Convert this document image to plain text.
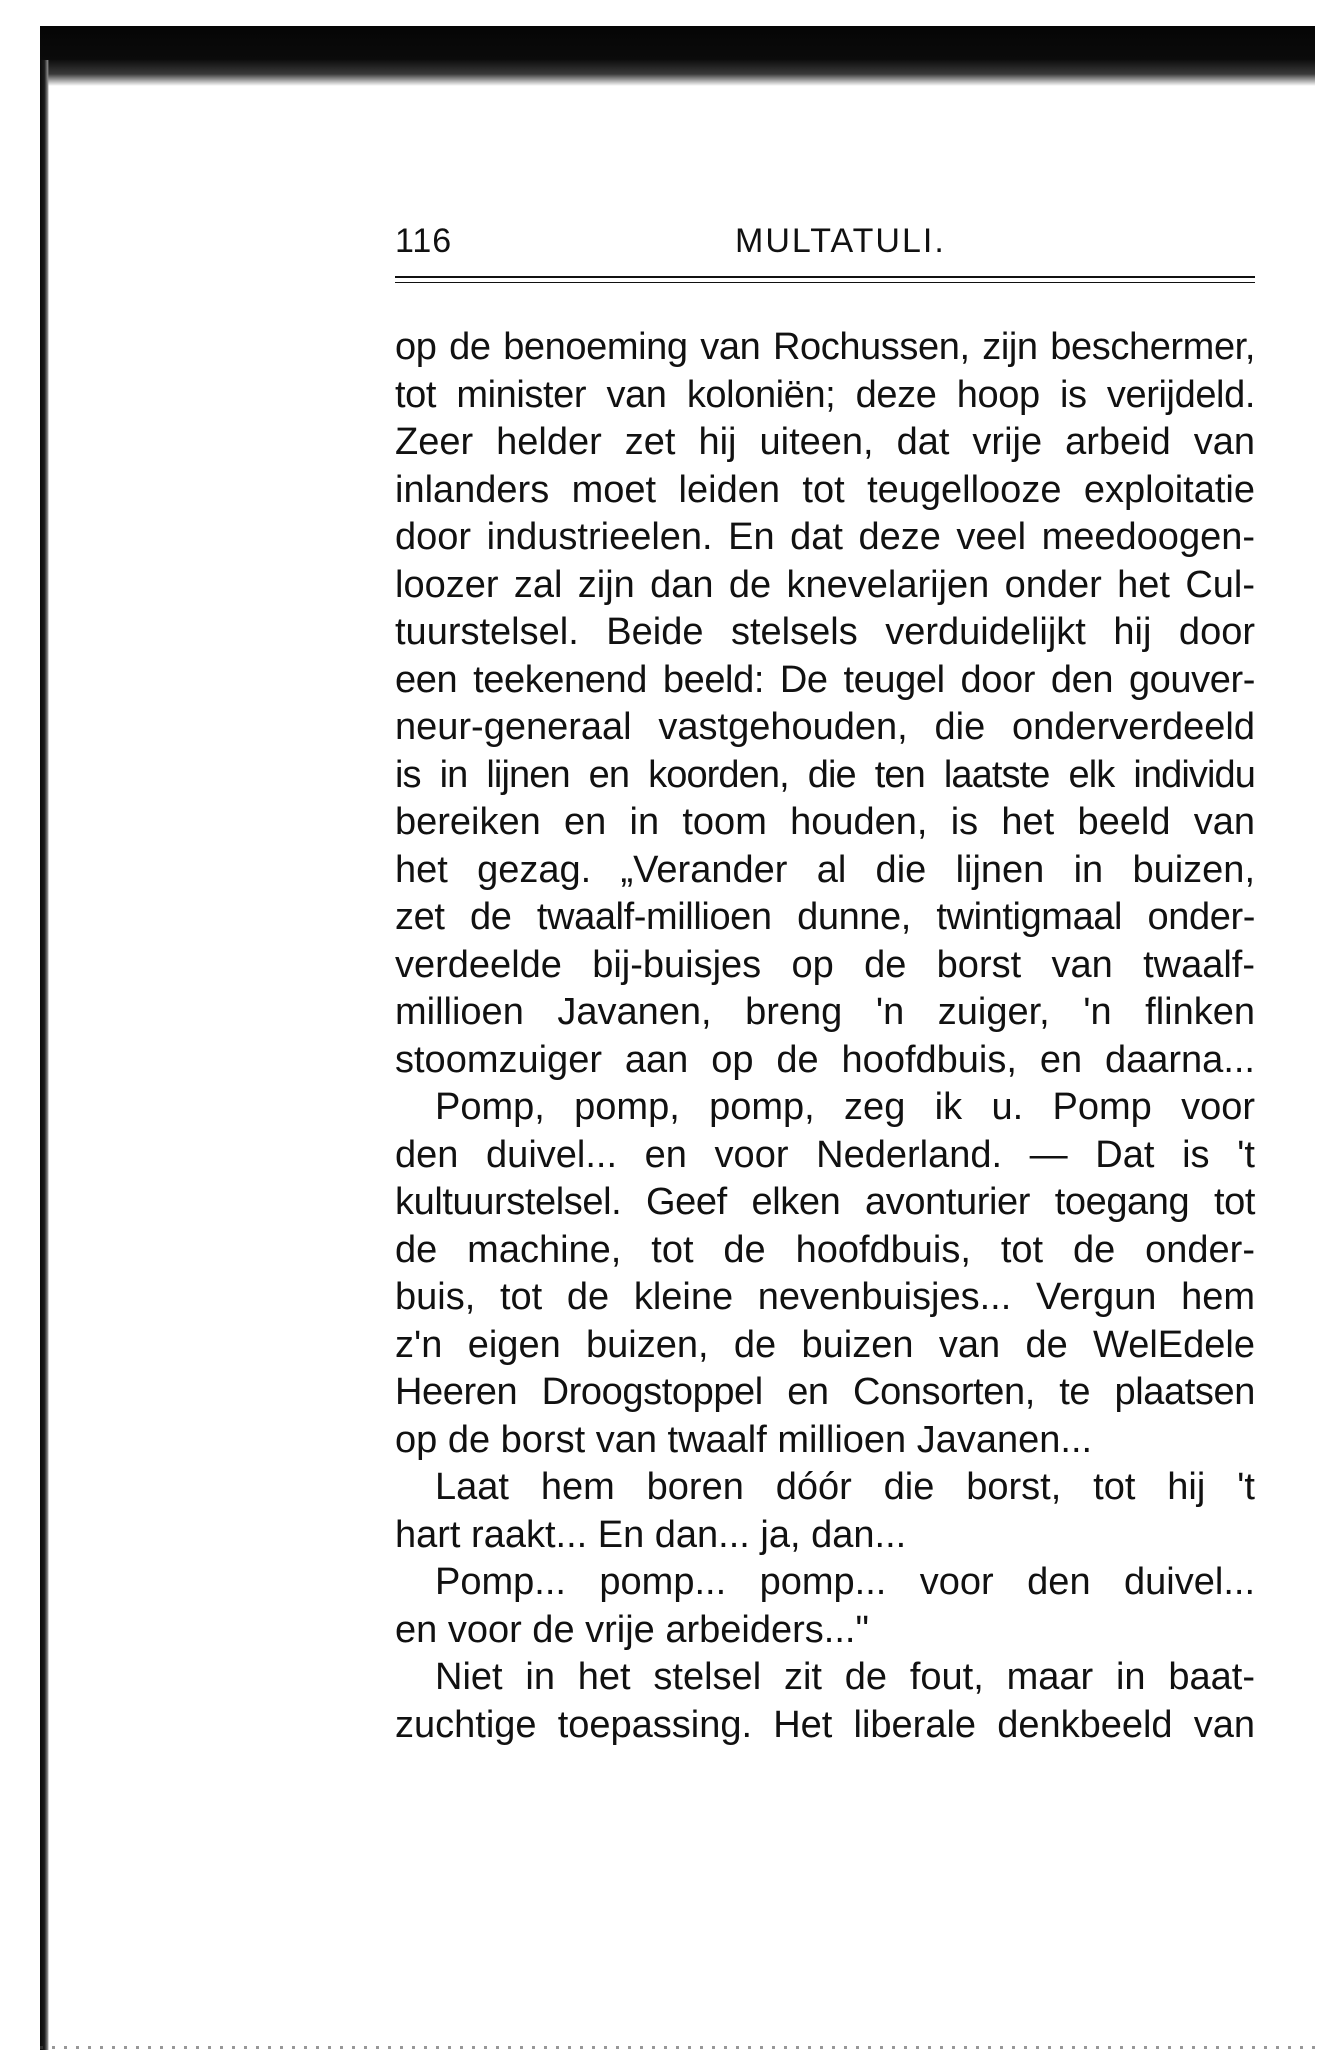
116	MULTATULI.
op de benoeming van Rochussen, zijn beschermer,
tot minister van koloniën; deze hoop is verijdeld.
Zeer helder zet hij uiteen, dat vrije arbeid van
inlanders moet leiden tot teugellooze exploitatie
door industrieelen. En dat deze veel meedoogen-
loozer zal zijn dan de knevelarijen onder het Cul-
tuurstelsel. Beide stelsels verduidelijkt hij door
een teekenend beeld: De teugel door den gouver-
neur-generaal vastgehouden, die onderverdeeld
is in lijnen en koorden, die ten laatste elk individu
bereiken en in toom houden, is het beeld van
het gezag. „Verander al die lijnen in buizen,
zet de twaalf-millioen dunne, twintigmaal onder-
verdeelde bij-buisjes op de borst van twaalf-
millioen Javanen, breng 'n zuiger, 'n flinken
stoomzuiger aan op de hoofdbuis, en daarna...
Pomp, pomp, pomp, zeg ik u. Pomp voor
den duivel... en voor Nederland. — Dat is 't
kultuurstelsel. Geef elken avonturier toegang tot
de machine, tot de hoofdbuis, tot de onder-
buis, tot de kleine nevenbuisjes... Vergun hem
z'n eigen buizen, de buizen van de WelEdele
Heeren Droogstoppel en Consorten, te plaatsen
op de borst van twaalf millioen Javanen...
Laat hem boren dóór die borst, tot hij 't
hart raakt... En dan... ja, dan...
Pomp... pomp... pomp... voor den duivel...
en voor de vrije arbeiders..."
Niet in het stelsel zit de fout, maar in baat-
zuchtige toepassing. Het liberale denkbeeld van
